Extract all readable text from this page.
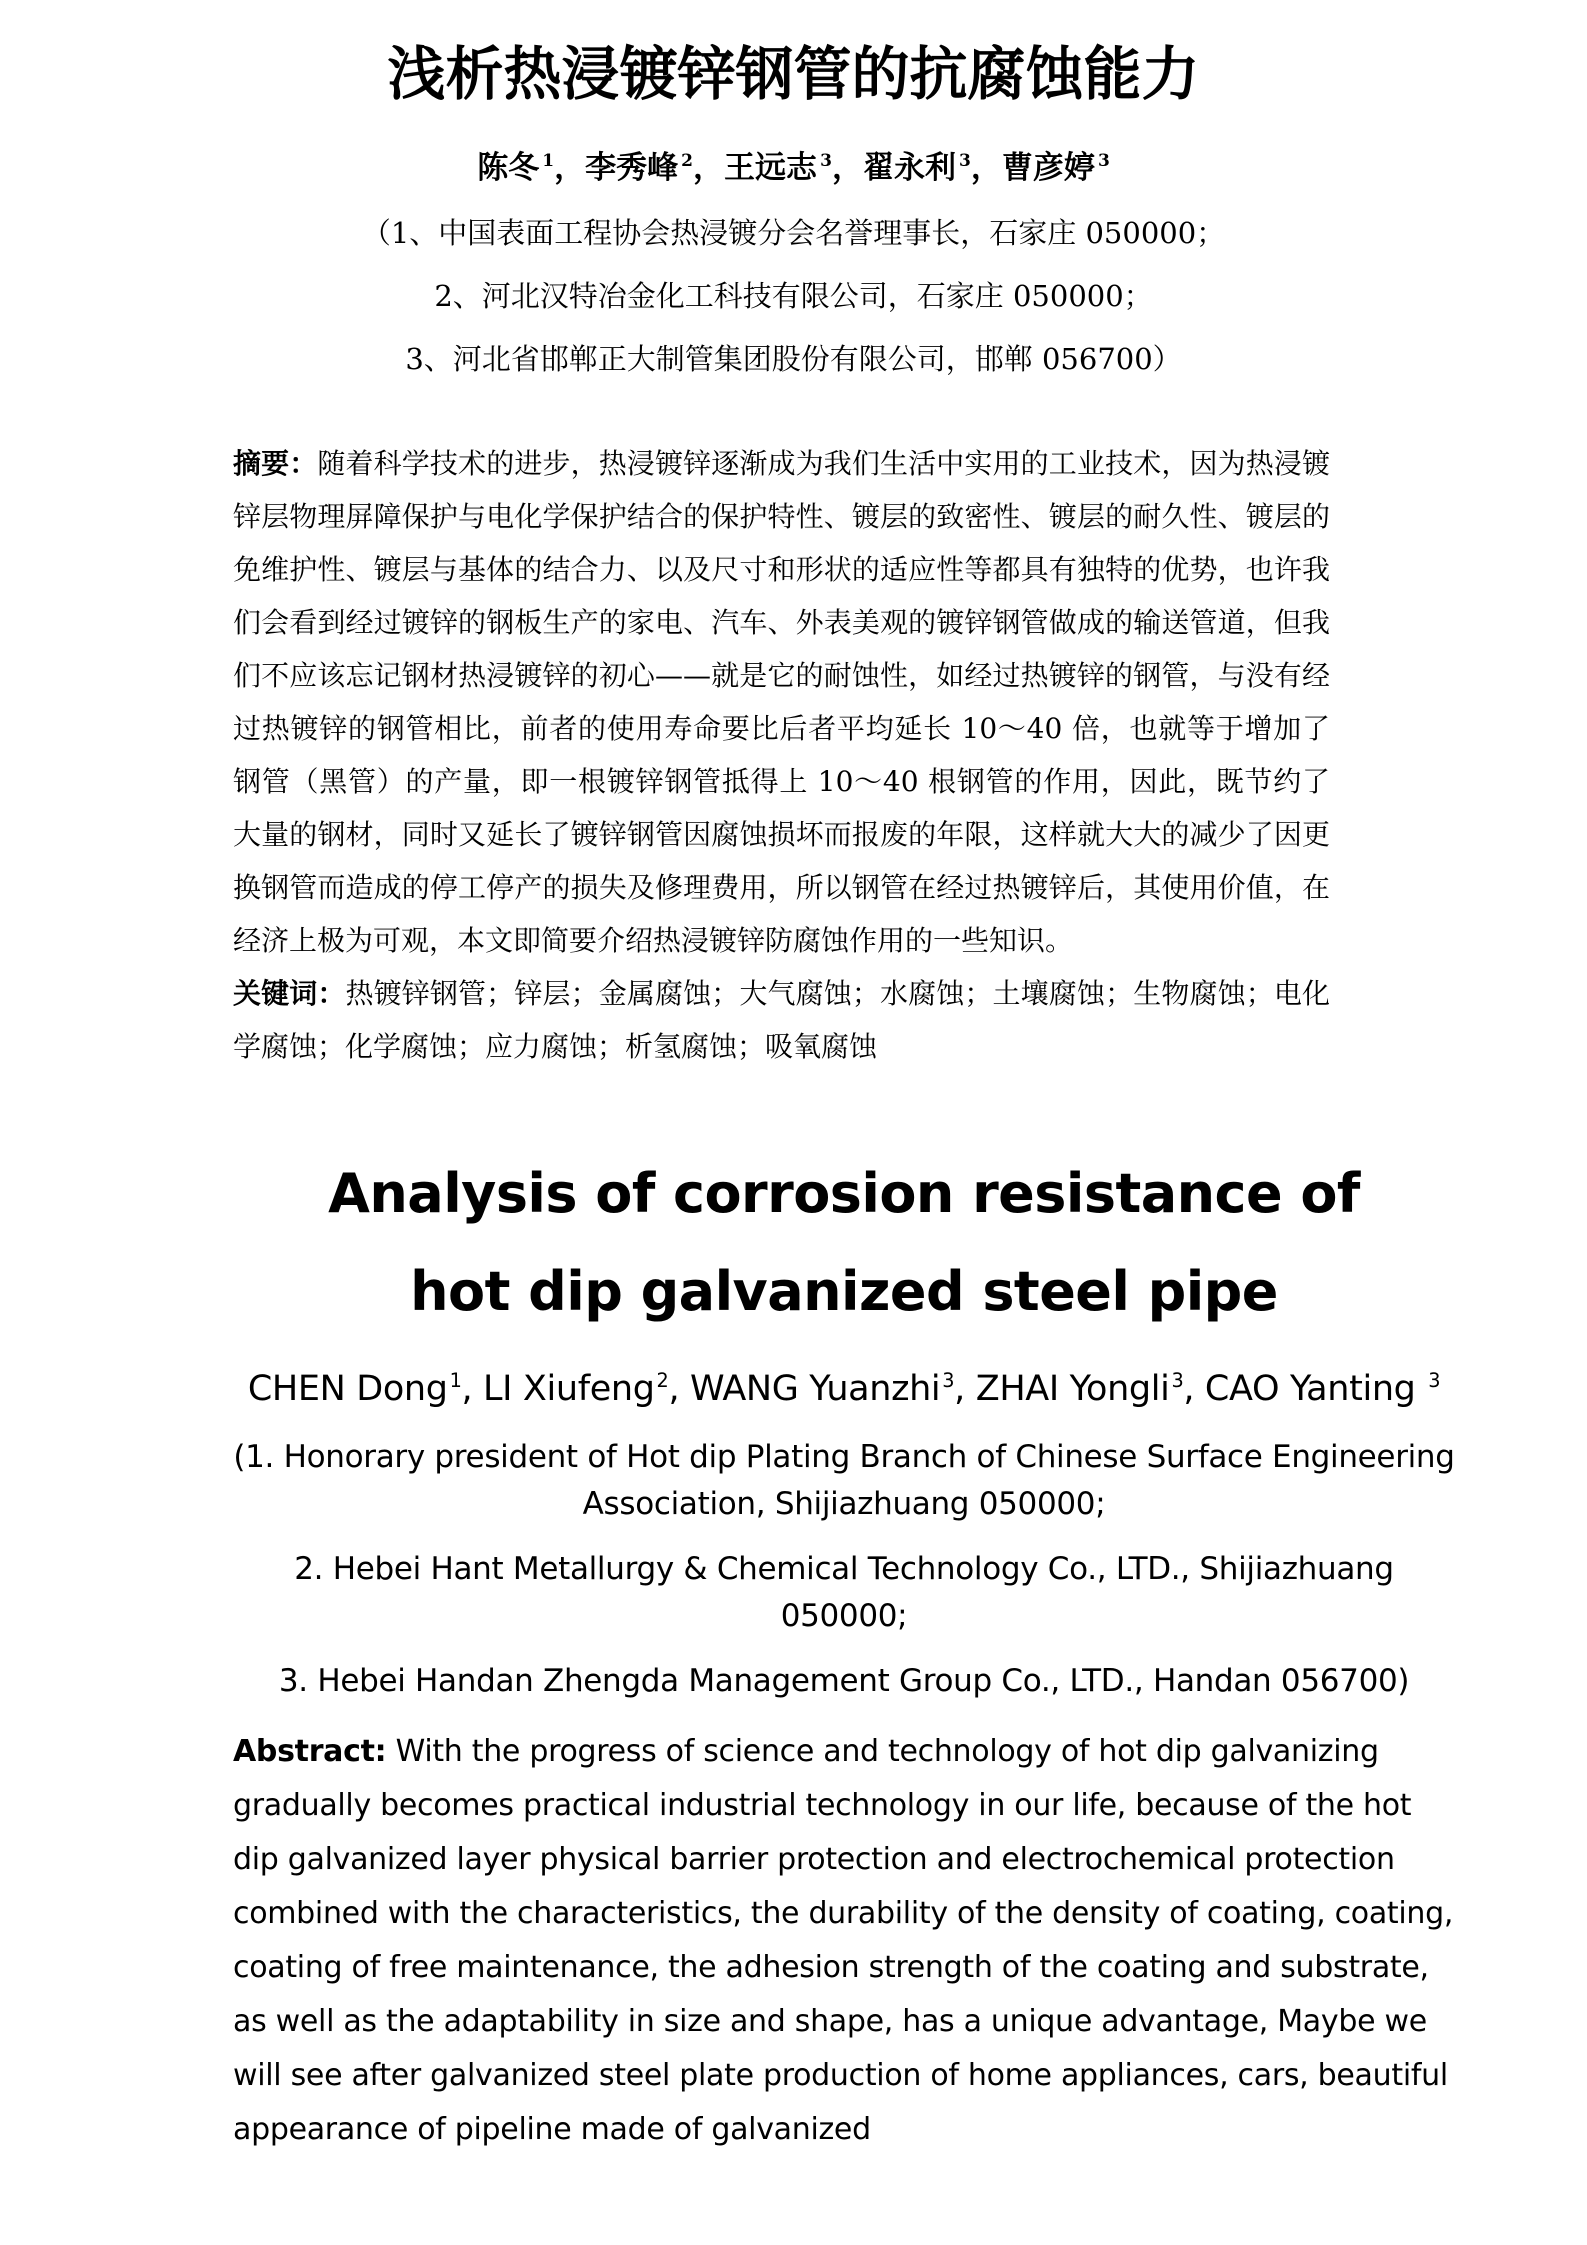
浅析热浸镀锌钢管的抗腐蚀能力
陈冬 $^1$，李秀峰 $^2$，王远志 $^3$，翟永利 $^3$，曹彦婷 $^3$

（1、中国表面工程协会热浸镀分会名誉理事长，石家庄 050000；

2、河北汉特冶金化工科技有限公司，石家庄 050000；

3、河北省邯郸正大制管集团股份有限公司，邯郸 056700）

摘要：随着科学技术的进步，热浸镀锌逐渐成为我们生活中实用的工业技术，因为热浸镀锌层物理屏障保护与电化学保护结合的保护特性、镀层的致密性、镀层的耐久性、镀层的免维护性、镀层与基体的结合力、以及尺寸和形状的适应性等都具有独特的优势，也许我们会看到经过镀锌的钢板生产的家电、汽车、外表美观的镀锌钢管做成的输送管道，但我们不应该忘记钢材热浸镀锌的初心——就是它的耐蚀性，如经过热镀锌的钢管，与没有经过热镀锌的钢管相比，前者的使用寿命要比后者平均延长 10～40 倍，也就等于增加了钢管（黑管）的产量，即一根镀锌钢管抵得上 10～40 根钢管的作用，因此，既节约了大量的钢材，同时又延长了镀锌钢管因腐蚀损坏而报废的年限，这样就大大的减少了因更换钢管而造成的停工停产的损失及修理费用，所以钢管在经过热镀锌后，其使用价值，在经济上极为可观，本文即简要介绍热浸镀锌防腐蚀作用的一些知识。

关键词：热镀锌钢管；锌层；金属腐蚀；大气腐蚀；水腐蚀；土壤腐蚀；生物腐蚀；电化学腐蚀；化学腐蚀；应力腐蚀；析氢腐蚀；吸氧腐蚀

Analysis of corrosion resistance of
hot dip galvanized steel pipe
CHEN Dong$^1$, LI Xiufeng$^2$, WANG Yuanzhi$^3$, ZHAI Yongli$^3$, CAO Yanting $^3$

(1. Honorary president of Hot dip Plating Branch of Chinese Surface Engineering Association, Shijiazhuang 050000;

2. Hebei Hant Metallurgy & Chemical Technology Co., LTD., Shijiazhuang 050000;

3. Hebei Handan Zhengda Management Group Co., LTD., Handan 056700)

Abstract: With the progress of science and technology of hot dip galvanizing gradually becomes practical industrial technology in our life, because of the hot dip galvanized layer physical barrier protection and electrochemical protection combined with the characteristics, the durability of the density of coating, coating, coating of free maintenance, the adhesion strength of the coating and substrate, as well as the adaptability in size and shape, has a unique advantage, Maybe we will see after galvanized steel plate production of home appliances, cars, beautiful appearance of pipeline made of galvanized
